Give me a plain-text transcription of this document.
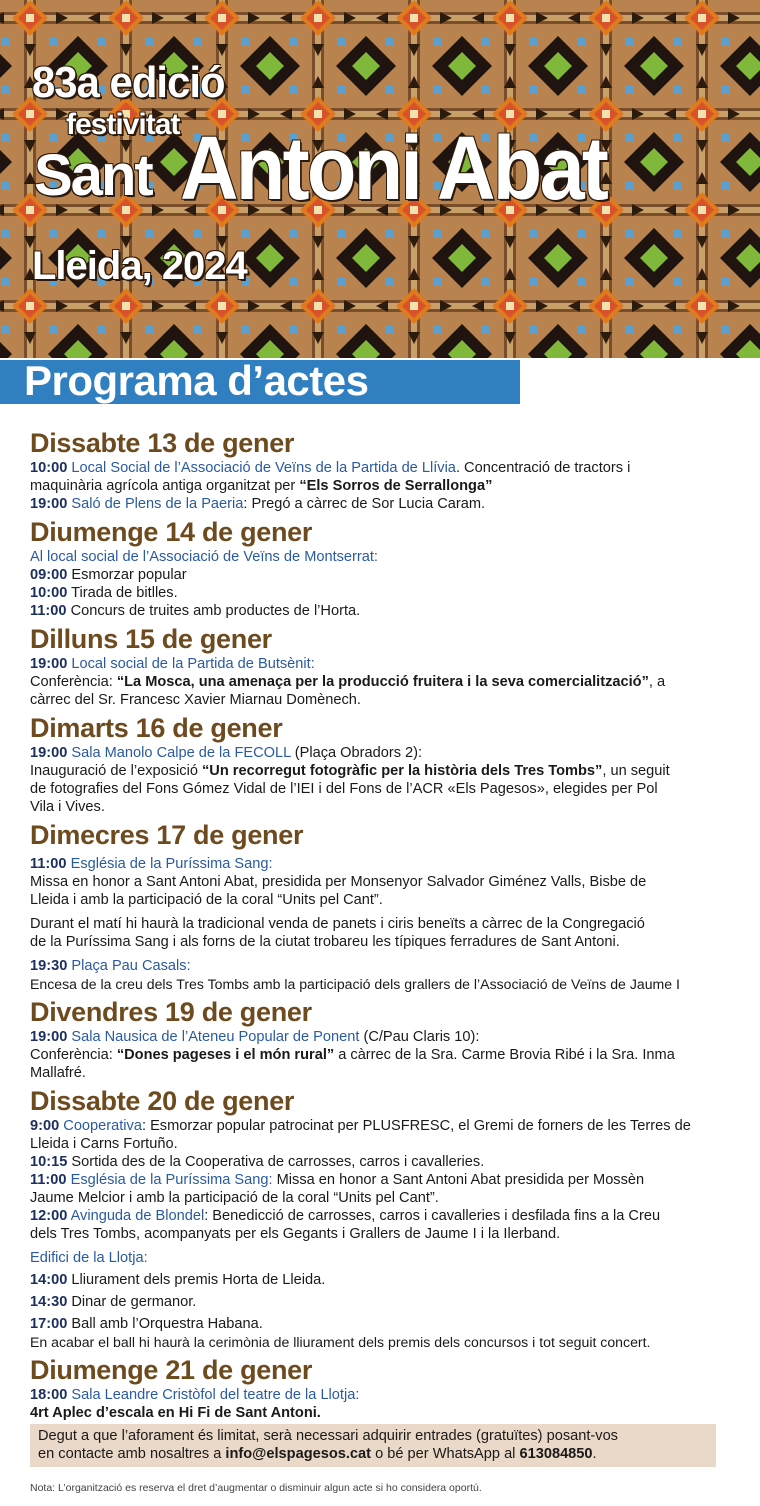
83a edició
festivitat
Sant Antoni Abat
Lleida, 2024
Programa d’actes
Dissabte 13 de gener

10:00 Local Social de l’Associació de Veïns de la Partida de Llívia. Concentració de tractors i

maquinària agrícola antiga organitzat per “Els Sorros de Serrallonga”

19:00 Saló de Plens de la Paeria: Pregó a càrrec de Sor Lucia Caram.

Diumenge 14 de gener

Al local social de l’Associació de Veïns de Montserrat:

09:00 Esmorzar popular

10:00 Tirada de bitlles.

11:00 Concurs de truites amb productes de l’Horta.

Dilluns 15 de gener

19:00 Local social de la Partida de Butsènit:

Conferència: “La Mosca, una amenaça per la producció fruitera i la seva comercialització”, a

càrrec del Sr. Francesc Xavier Miarnau Domènech.

Dimarts 16 de gener

19:00 Sala Manolo Calpe de la FECOLL (Plaça Obradors 2):

Inauguració de l’exposició “Un recorregut fotogràfic per la història dels Tres Tombs”, un seguit

de fotografies del Fons Gómez Vidal de l’IEI i del Fons de l’ACR «Els Pagesos», elegides per Pol

Vila i Vives.

Dimecres 17 de gener

11:00 Església de la Puríssima Sang:

Missa en honor a Sant Antoni Abat, presidida per Monsenyor Salvador Giménez Valls, Bisbe de

Lleida i amb la participació de la coral “Units pel Cant”.

Durant el matí hi haurà la tradicional venda de panets i ciris beneïts a càrrec de la Congregació

de la Puríssima Sang i als forns de la ciutat trobareu les típiques ferradures de Sant Antoni.

19:30 Plaça Pau Casals:

Encesa de la creu dels Tres Tombs amb la participació dels grallers de l’Associació de Veïns de Jaume I

Divendres 19 de gener

19:00 Sala Nausica de l’Ateneu Popular de Ponent (C/Pau Claris 10):

Conferència: “Dones pageses i el món rural” a càrrec de la Sra. Carme Brovia Ribé i la Sra. Inma

Mallafré.

Dissabte 20 de gener

9:00 Cooperativa: Esmorzar popular patrocinat per PLUSFRESC, el Gremi de forners de les Terres de

Lleida i Carns Fortuño.

10:15 Sortida des de la Cooperativa de carrosses, carros i cavalleries.

11:00 Església de la Puríssima Sang: Missa en honor a Sant Antoni Abat presidida per Mossèn

Jaume Melcior i amb la participació de la coral “Units pel Cant”.

12:00 Avinguda de Blondel: Benedicció de carrosses, carros i cavalleries i desfilada fins a la Creu

dels Tres Tombs, acompanyats per els Gegants i Grallers de Jaume I i la Ilerband.

Edifici de la Llotja:

14:00 Lliurament dels premis Horta de Lleida.

14:30 Dinar de germanor.

17:00 Ball amb l’Orquestra Habana.

En acabar el ball hi haurà la cerimònia de lliurament dels premis dels concursos i tot seguit concert.

Diumenge 21 de gener

18:00 Sala Leandre Cristòfol del teatre de la Llotja:

4rt Aplec d’escala en Hi Fi de Sant Antoni.

Degut a que l’aforament és limitat, serà necessari adquirir entrades (gratuïtes) posant-vos

en contacte amb nosaltres a info@elspagesos.cat o bé per WhatsApp al 613084850.

Nota: L’organització es reserva el dret d’augmentar o disminuir algun acte si ho considera oportú.
